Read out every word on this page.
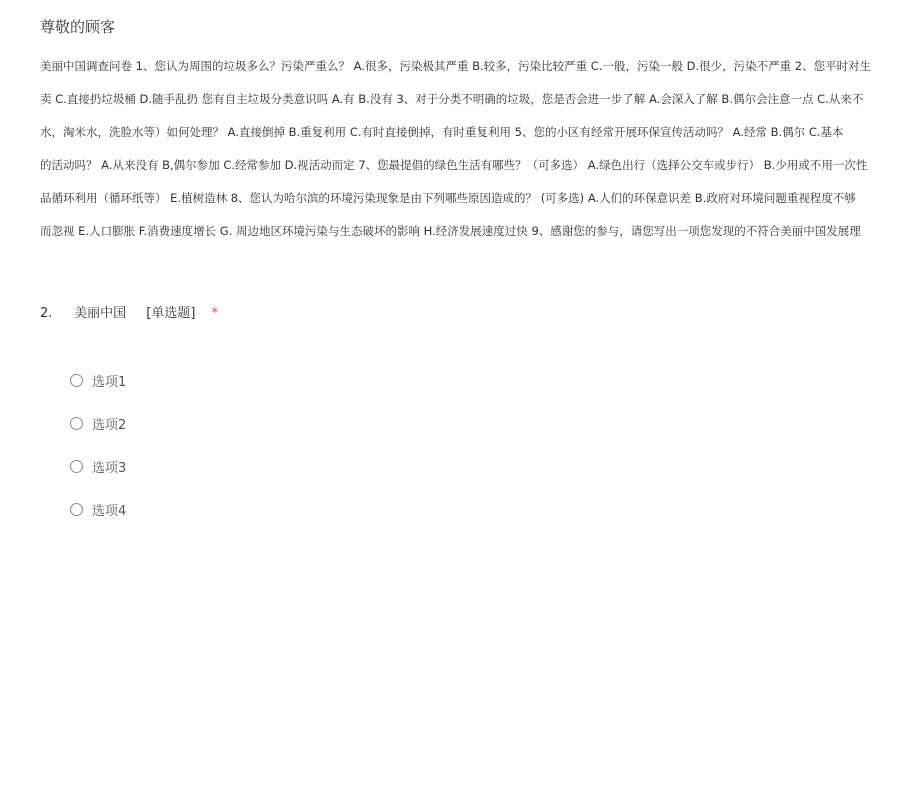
尊敬的顾客
美丽中国调查问卷 1、您认为周围的垃圾多么？污染严重么？ A.很多，污染极其严重 B.较多，污染比较严重 C.一般，污染一般 D.很少，污染不严重 2、您平时对生
卖 C.直接扔垃圾桶 D.随手乱扔 您有自主垃圾分类意识吗 A.有 B.没有 3、对于分类不明确的垃圾，您是否会进一步了解 A.会深入了解 B.偶尔会注意一点 C.从来不
水，淘米水，洗脸水等）如何处理？ A.直接倒掉 B.重复利用 C.有时直接倒掉，有时重复利用 5、您的小区有经常开展环保宣传活动吗？ A.经常 B.偶尔 C.基本
的活动吗？ A.从来没有 B,偶尔参加 C.经常参加 D.视活动而定 7、您最提倡的绿色生活有哪些？（可多选） A.绿色出行（选择公交车或步行） B.少用或不用一次性
品循环利用（循环纸等） E.植树造林 8、您认为哈尔滨的环境污染现象是由下列哪些原因造成的？ (可多选) A.人们的环保意识差 B.政府对环境问题重视程度不够
而忽视 E.人口膨胀 F.消费速度增长 G. 周边地区环境污染与生态破坏的影响 H.经济发展速度过快 9、感谢您的参与，请您写出一项您发现的不符合美丽中国发展理
2. 美丽中国 [单选题] *
选项1
选项2
选项3
选项4
